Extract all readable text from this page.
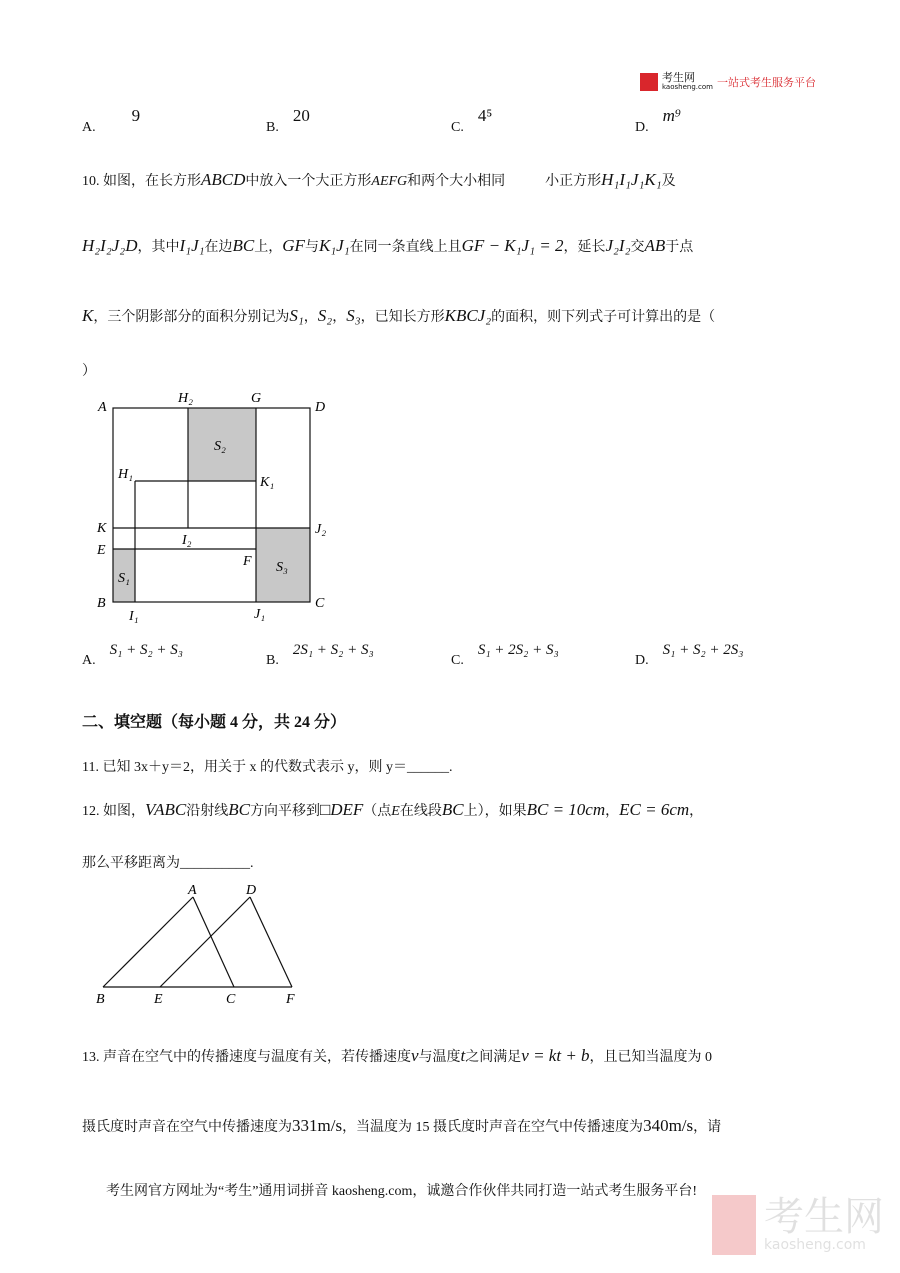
考生网
kaosheng.com 一站式考生服务平台
A.9
B.20
C.4⁵
D.m⁹
10. 如图，在长方形ABCD中放入一个大正方形AEFG和两个大小相同	小正方形H₁I₁J₁K₁及
H₂I₂J₂D，其中I₁J₁在边BC上，GF与K₁J₁在同一条直线上且GF − K₁J₁ = 2，延长J₂I₂交AB于点
K，三个阴影部分的面积分别记为S₁，S₂，S₃，已知长方形KBCJ₂的面积，则下列式子可计算出的是（
）
A
H₂	G
D
S₂
H₁
K₁
K	J₂
E
I₂
F
S₁
S₃
B
I₁	J₁
C
A	D
B	E	C	F
A.S₁ + S₂ + S₃
B.2S₁ + S₂ + S₃
C.S₁ + 2S₂ + S₃
D.S₁ + S₂ + 2S₃
二、填空题（每小题 4 分，共 24 分）
11. 已知 3x＋y＝2，用关于 x 的代数式表示 y，则 y＝______.
12. 如图，VABC沿射线BC方向平移到□DEF（点E在线段BC上），如果BC = 10cm，EC = 6cm，
那么平移距离为__________.
13. 声音在空气中的传播速度与温度有关，若传播速度v与温度t之间满足v = kt + b，且已知当温度为 0
摄氏度时声音在空气中传播速度为331m/s，当温度为 15 摄氏度时声音在空气中传播速度为340m/s，请
考生网官方网址为“考生”通用词拼音 kaosheng.com，诚邀合作伙伴共同打造一站式考生服务平台!
考生网
kaosheng.com
